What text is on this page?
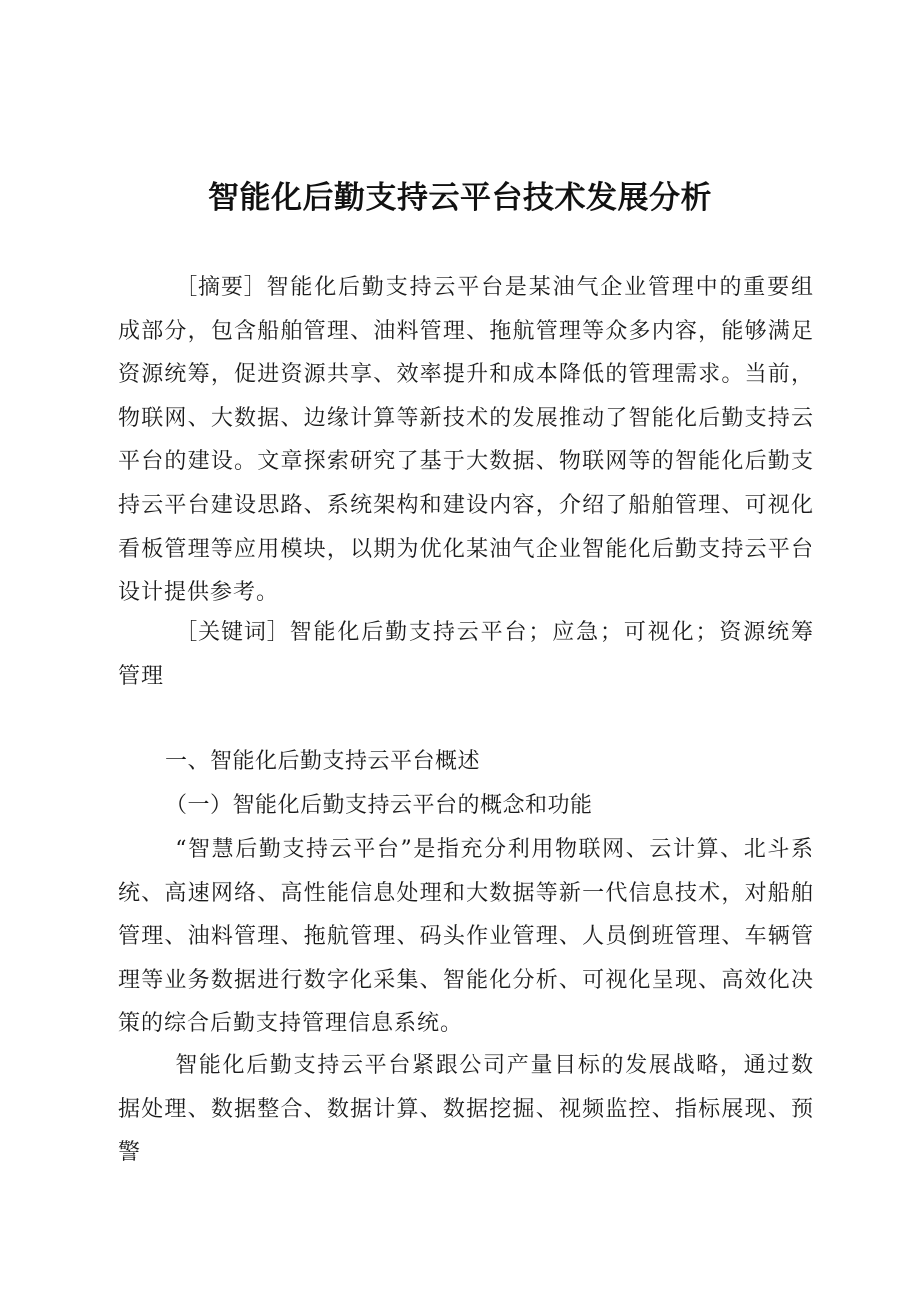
智能化后勤支持云平台技术发展分析

［摘要］智能化后勤支持云平台是某油气企业管理中的重要组成部分，包含船舶管理、油料管理、拖航管理等众多内容，能够满足资源统筹，促进资源共享、效率提升和成本降低的管理需求。当前，物联网、大数据、边缘计算等新技术的发展推动了智能化后勤支持云平台的建设。文章探索研究了基于大数据、物联网等的智能化后勤支持云平台建设思路、系统架构和建设内容，介绍了船舶管理、可视化看板管理等应用模块，以期为优化某油气企业智能化后勤支持云平台设计提供参考。

［关键词］智能化后勤支持云平台；应急；可视化；资源统筹管理

一、智能化后勤支持云平台概述

（一）智能化后勤支持云平台的概念和功能

“智慧后勤支持云平台”是指充分利用物联网、云计算、北斗系统、高速网络、高性能信息处理和大数据等新一代信息技术，对船舶管理、油料管理、拖航管理、码头作业管理、人员倒班管理、车辆管理等业务数据进行数字化采集、智能化分析、可视化呈现、高效化决策的综合后勤支持管理信息系统。

智能化后勤支持云平台紧跟公司产量目标的发展战略，通过数据处理、数据整合、数据计算、数据挖掘、视频监控、指标展现、预警
